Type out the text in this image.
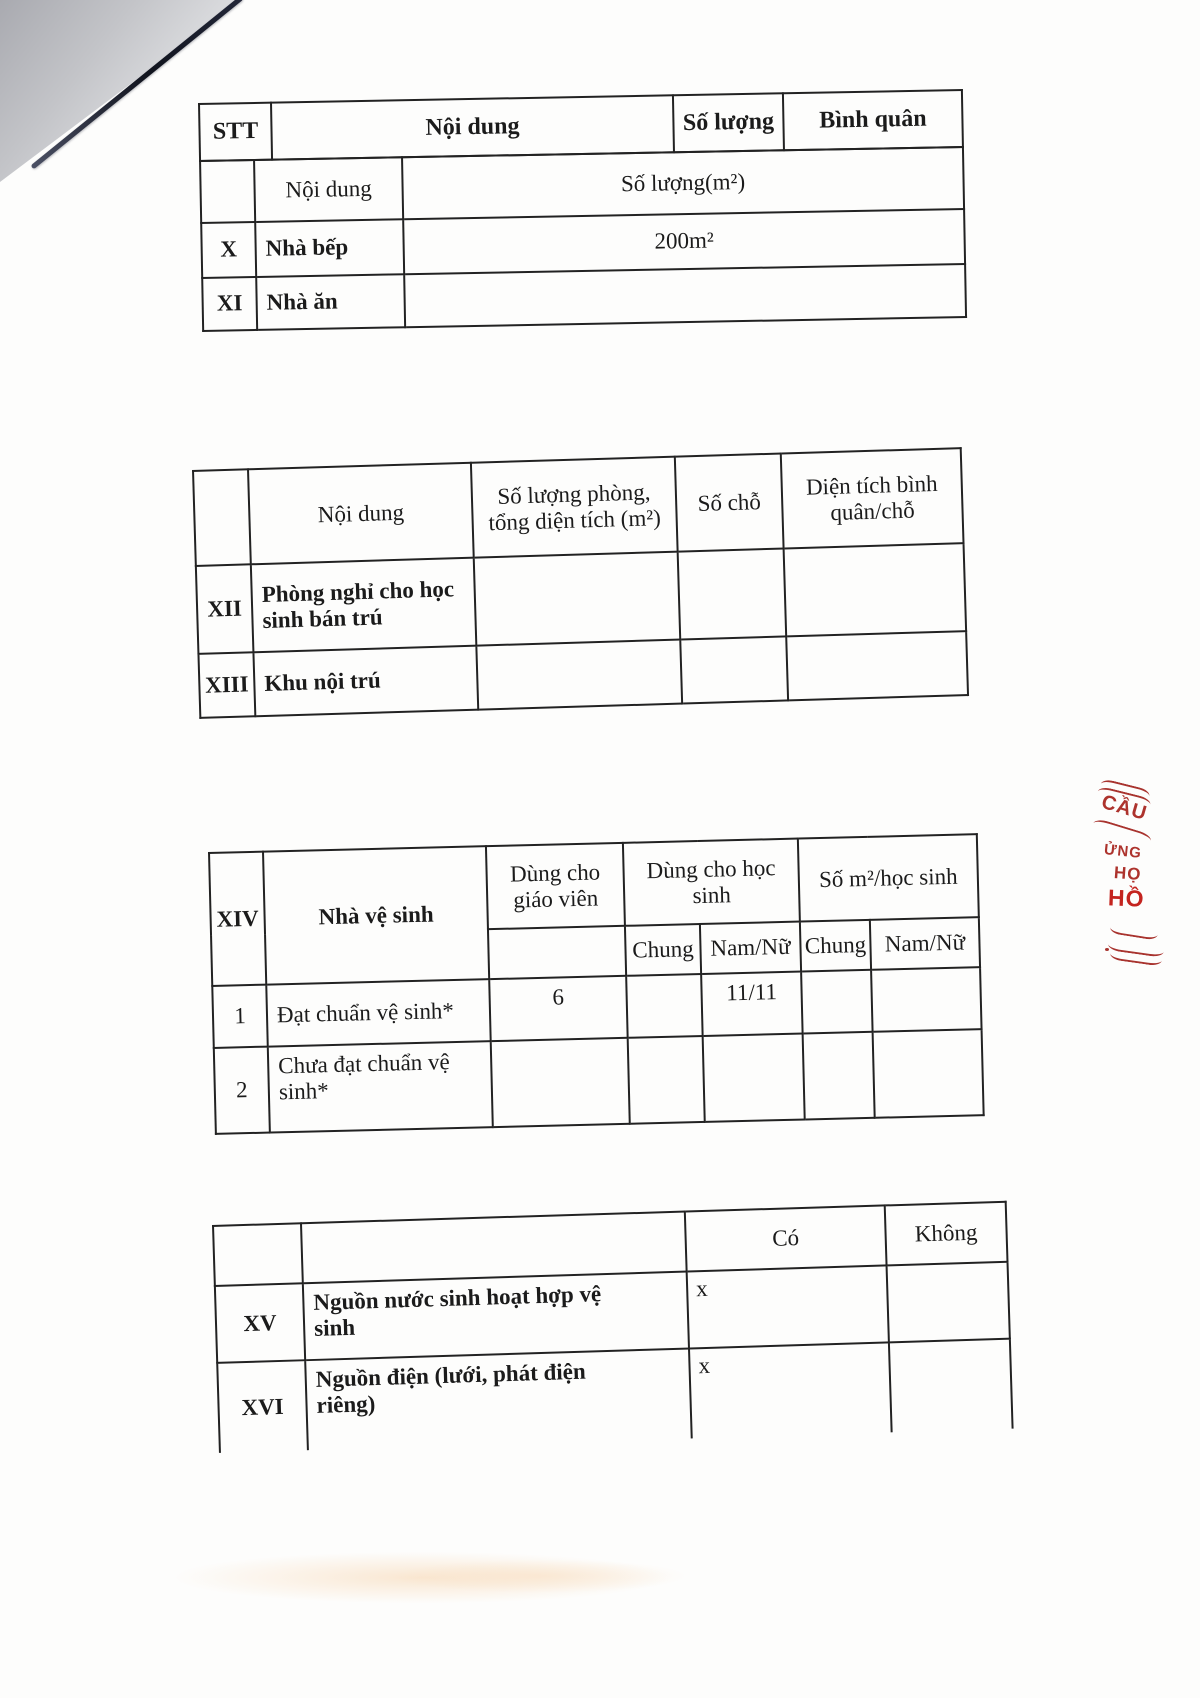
STT	Nội dung	Số lượng	Bình quân
	Nội dung	Số lượng(m²)
X	Nhà bếp	200m²
XI	Nhà ăn	
	Nội dung	Số lượng phòng, tổng diện tích (m²)	Số chỗ	Diện tích bình quân/chỗ
XII	Phòng nghỉ cho học sinh bán trú			
XIII	Khu nội trú			
XIV	Nhà vệ sinh	Dùng cho giáo viên	Dùng cho học sinh		Số m²/học sinh	
			Chung	Nam/Nữ	Chung	Nam/Nữ
1	Đạt chuẩn vệ sinh*	6		11/11		
2	Chưa đạt chuẩn vệ sinh*					
		Có	Không
XV	Nguồn nước sinh hoạt hợp vệ sinh	x	
XVI	Nguồn điện (lưới, phát điện riêng)	x	
CẦU
ỬNG
HỌ
HỒ
